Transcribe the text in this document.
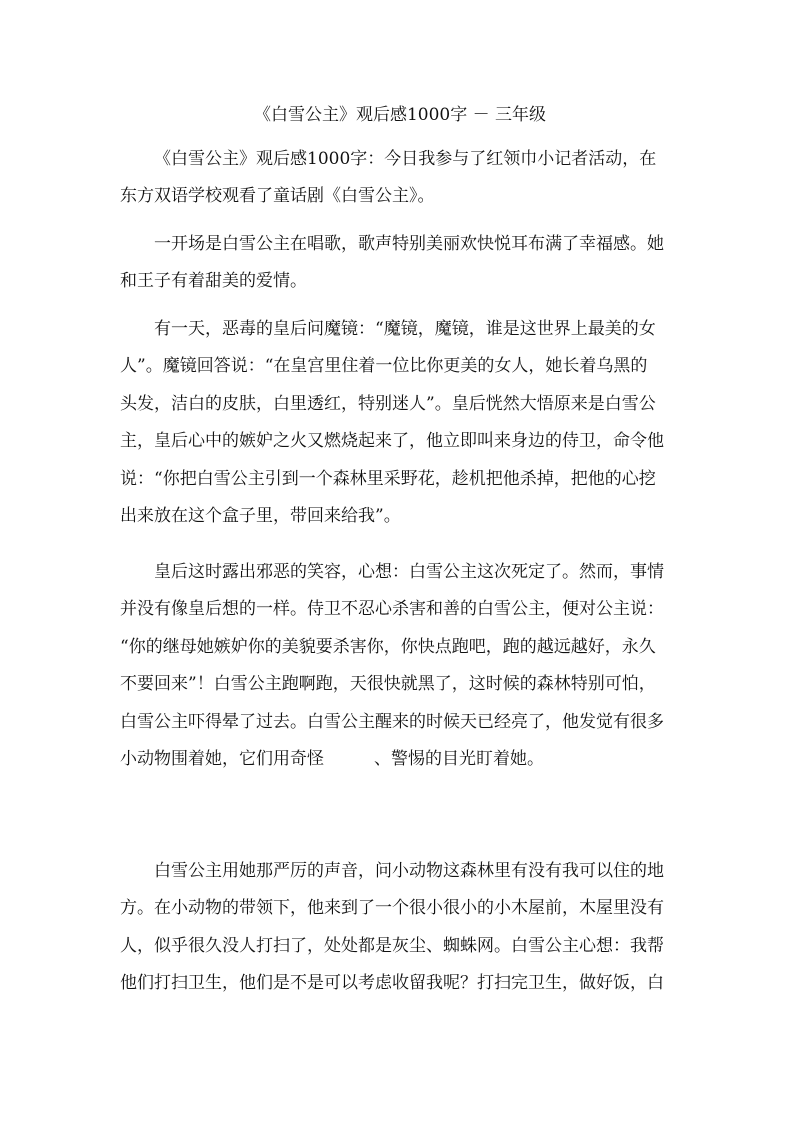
《白雪公主》观后感1000字 － 三年级
《白雪公主》观后感1000字：今日我参与了红领巾小记者活动，在
东方双语学校观看了童话剧《白雪公主》。
一开场是白雪公主在唱歌，歌声特别美丽欢快悦耳布满了幸福感。她
和王子有着甜美的爱情。
有一天，恶毒的皇后问魔镜：“魔镜，魔镜，谁是这世界上最美的女
人”。魔镜回答说：“在皇宫里住着一位比你更美的女人，她长着乌黑的
头发，洁白的皮肤，白里透红，特别迷人”。皇后恍然大悟原来是白雪公
主，皇后心中的嫉妒之火又燃烧起来了，他立即叫来身边的侍卫，命令他
说：“你把白雪公主引到一个森林里采野花，趁机把他杀掉，把他的心挖
出来放在这个盒子里，带回来给我”。
皇后这时露出邪恶的笑容，心想：白雪公主这次死定了。然而，事情
并没有像皇后想的一样。侍卫不忍心杀害和善的白雪公主，便对公主说：
“你的继母她嫉妒你的美貌要杀害你，你快点跑吧，跑的越远越好，永久
不要回来”！白雪公主跑啊跑，天很快就黑了，这时候的森林特别可怕，
白雪公主吓得晕了过去。白雪公主醒来的时候天已经亮了，他发觉有很多
小动物围着她，它们用奇怪	、警惕的目光盯着她。
白雪公主用她那严厉的声音，问小动物这森林里有没有我可以住的地
方。在小动物的带领下，他来到了一个很小很小的小木屋前，木屋里没有
人，似乎很久没人打扫了，处处都是灰尘、蜘蛛网。白雪公主心想：我帮
他们打扫卫生，他们是不是可以考虑收留我呢？打扫完卫生，做好饭，白
